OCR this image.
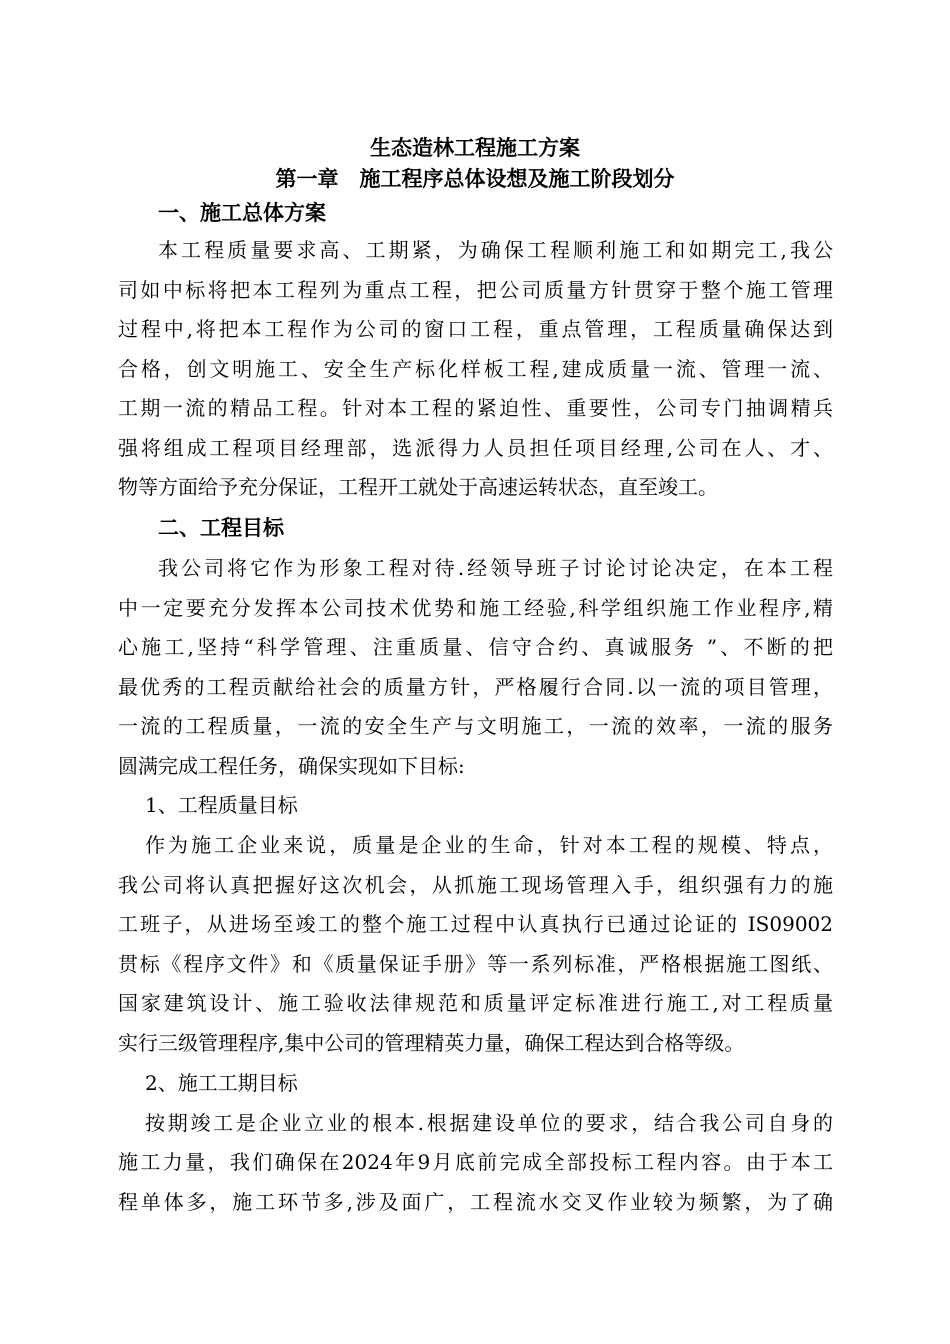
生态造林工程施工方案
第一章　施工程序总体设想及施工阶段划分
一、施工总体方案
本工程质量要求高、工期紧，为确保工程顺利施工和如期完工,我公
司如中标将把本工程列为重点工程，把公司质量方针贯穿于整个施工管理
过程中,将把本工程作为公司的窗口工程，重点管理，工程质量确保达到
合格，创文明施工、安全生产标化样板工程,建成质量一流、管理一流、
工期一流的精品工程。针对本工程的紧迫性、重要性，公司专门抽调精兵
强将组成工程项目经理部，选派得力人员担任项目经理,公司在人、才、
物等方面给予充分保证，工程开工就处于高速运转状态，直至竣工。
二、工程目标
我公司将它作为形象工程对待.经领导班子讨论讨论决定，在本工程
中一定要充分发挥本公司技术优势和施工经验,科学组织施工作业程序,精
心施工,坚持“科学管理、注重质量、信守合约、真诚服务 ”、不断的把
最优秀的工程贡献给社会的质量方针，严格履行合同.以一流的项目管理，
一流的工程质量，一流的安全生产与文明施工，一流的效率，一流的服务
圆满完成工程任务，确保实现如下目标:
1、工程质量目标
作为施工企业来说，质量是企业的生命，针对本工程的规模、特点，
我公司将认真把握好这次机会，从抓施工现场管理入手，组织强有力的施
工班子，从进场至竣工的整个施工过程中认真执行已通过论证的 IS09002
贯标《程序文件》和《质量保证手册》等一系列标准，严格根据施工图纸、
国家建筑设计、施工验收法律规范和质量评定标准进行施工,对工程质量
实行三级管理程序,集中公司的管理精英力量，确保工程达到合格等级。
2、施工工期目标
按期竣工是企业立业的根本.根据建设单位的要求，结合我公司自身的
施工力量，我们确保在2024年9月底前完成全部投标工程内容。由于本工
程单体多，施工环节多,涉及面广，工程流水交叉作业较为频繁，为了确
